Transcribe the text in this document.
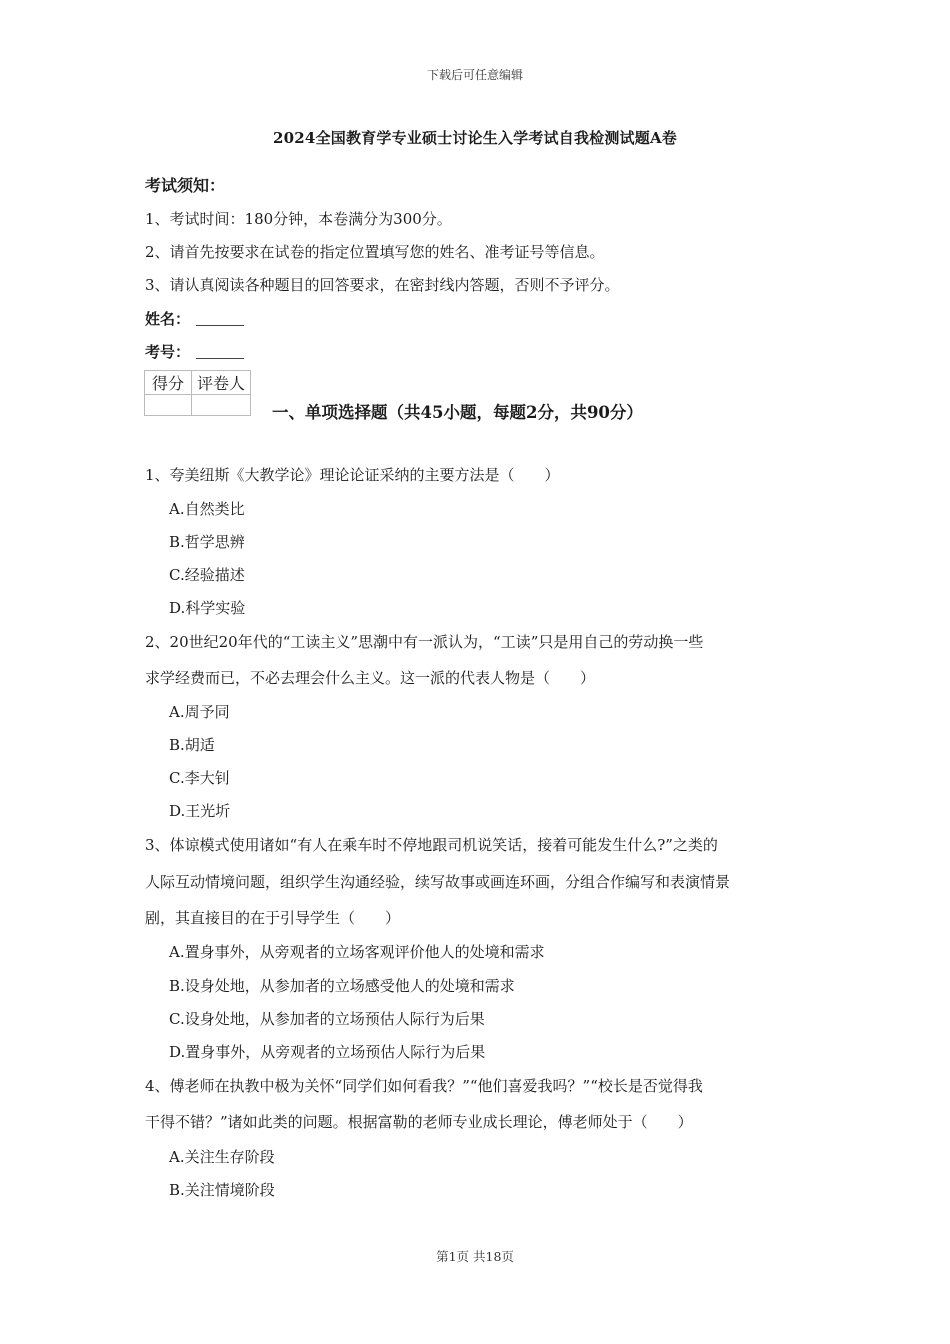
下载后可任意编辑
2024全国教育学专业硕士讨论生入学考试自我检测试题A卷
考试须知：
1、考试时间：180分钟，本卷满分为300分。
2、请首先按要求在试卷的指定位置填写您的姓名、准考证号等信息。
3、请认真阅读各种题目的回答要求，在密封线内答题，否则不予评分。
姓名：
考号：
得分	评卷人

一、单项选择题（共45小题，每题2分，共90分）
1、夸美纽斯《大教学论》理论论证采纳的主要方法是（　　）
A.自然类比
B.哲学思辨
C.经验描述
D.科学实验
2、20世纪20年代的“工读主义”思潮中有一派认为，“工读”只是用自己的劳动换一些
求学经费而已，不必去理会什么主义。这一派的代表人物是（　　）
A.周予同
B.胡适
C.李大钊
D.王光圻
3、体谅模式使用诸如“有人在乘车时不停地跟司机说笑话，接着可能发生什么?”之类的
人际互动情境问题，组织学生沟通经验，续写故事或画连环画，分组合作编写和表演情景
剧，其直接目的在于引导学生（　　）
A.置身事外，从旁观者的立场客观评价他人的处境和需求
B.设身处地，从参加者的立场感受他人的处境和需求
C.设身处地，从参加者的立场预估人际行为后果
D.置身事外，从旁观者的立场预估人际行为后果
4、傅老师在执教中极为关怀“同学们如何看我？”“他们喜爱我吗？”“校长是否觉得我
干得不错？”诸如此类的问题。根据富勒的老师专业成长理论，傅老师处于（　　）
A.关注生存阶段
B.关注情境阶段
第1页 共18页
